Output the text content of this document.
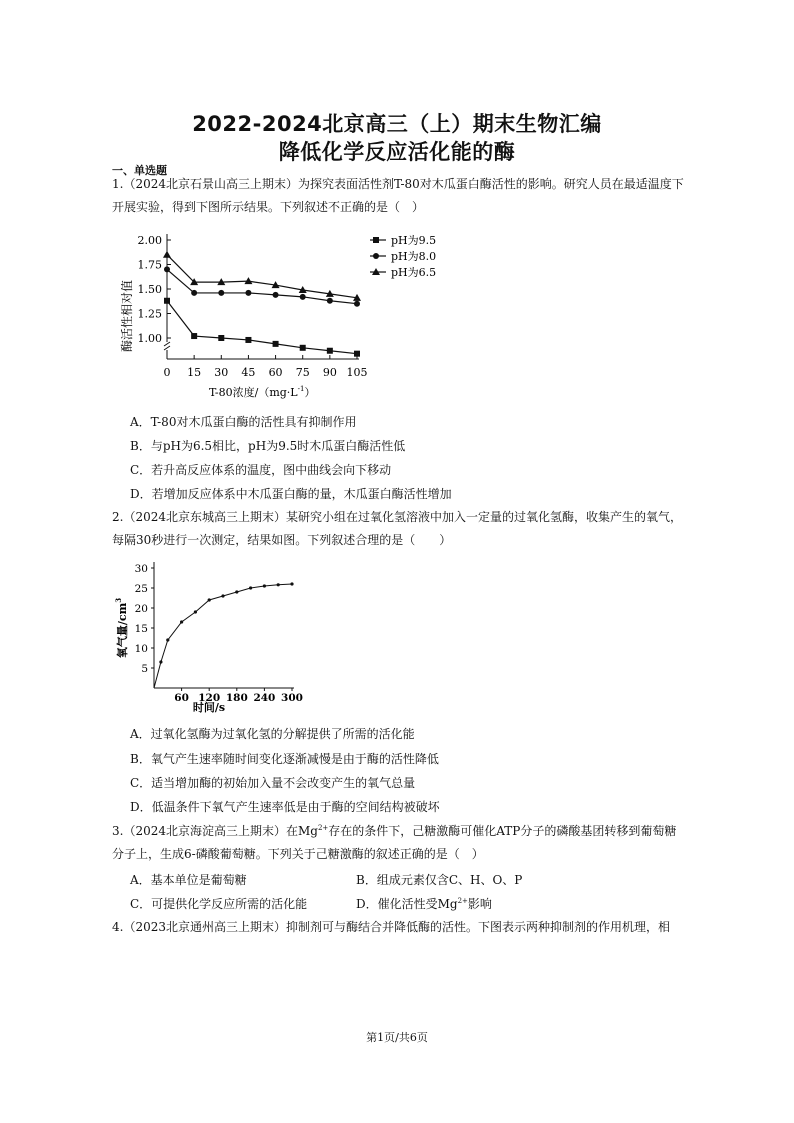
2022-2024北京高三（上）期末生物汇编
降低化学反应活化能的酶
一、单选题
1.（2024北京石景山高三上期末）为探究表面活性剂T-80对木瓜蛋白酶活性的影响。研究人员在最适温度下开展实验，得到下图所示结果。下列叙述不正确的是（　）
1.00
1.25
1.50
1.75
2.00
0 15 30 45 60 75 90 105
pH为9.5
pH为8.0
pH为6.5
酶活性相对值
T-80浓度$/(mg\cdot L^{-1})$
A．T-80对木瓜蛋白酶的活性具有抑制作用
B．与pH为6.5相比，pH为9.5时木瓜蛋白酶活性低
C．若升高反应体系的温度，图中曲线会向下移动
D．若增加反应体系中木瓜蛋白酶的量，木瓜蛋白酶活性增加
2.（2024北京东城高三上期末）某研究小组在过氧化氢溶液中加入一定量的过氧化氢酶，收集产生的氧气，每隔30秒进行一次测定，结果如图。下列叙述合理的是（　　）
5
10
15
20
25
30
60 120 180 240 300
氧气量$/cm^3$
时间/s
A．过氧化氢酶为过氧化氢的分解提供了所需的活化能
B．氧气产生速率随时间变化逐渐减慢是由于酶的活性降低
C．适当增加酶的初始加入量不会改变产生的氧气总量
D．低温条件下氧气产生速率低是由于酶的空间结构被破坏
3.（2024北京海淀高三上期末）在$Mg^{2+}$存在的条件下，己糖激酶可催化ATP分子的磷酸基团转移到葡萄糖分子上，生成6-磷酸葡萄糖。下列关于己糖激酶的叙述正确的是（　）
A．基本单位是葡萄糖	B．组成元素仅含C、H、O、P
C．可提供化学反应所需的活化能	D．催化活性受$Mg^{2+}$影响
4.（2023北京通州高三上期末）抑制剂可与酶结合并降低酶的活性。下图表示两种抑制剂的作用机理，相
第1页/共6页
